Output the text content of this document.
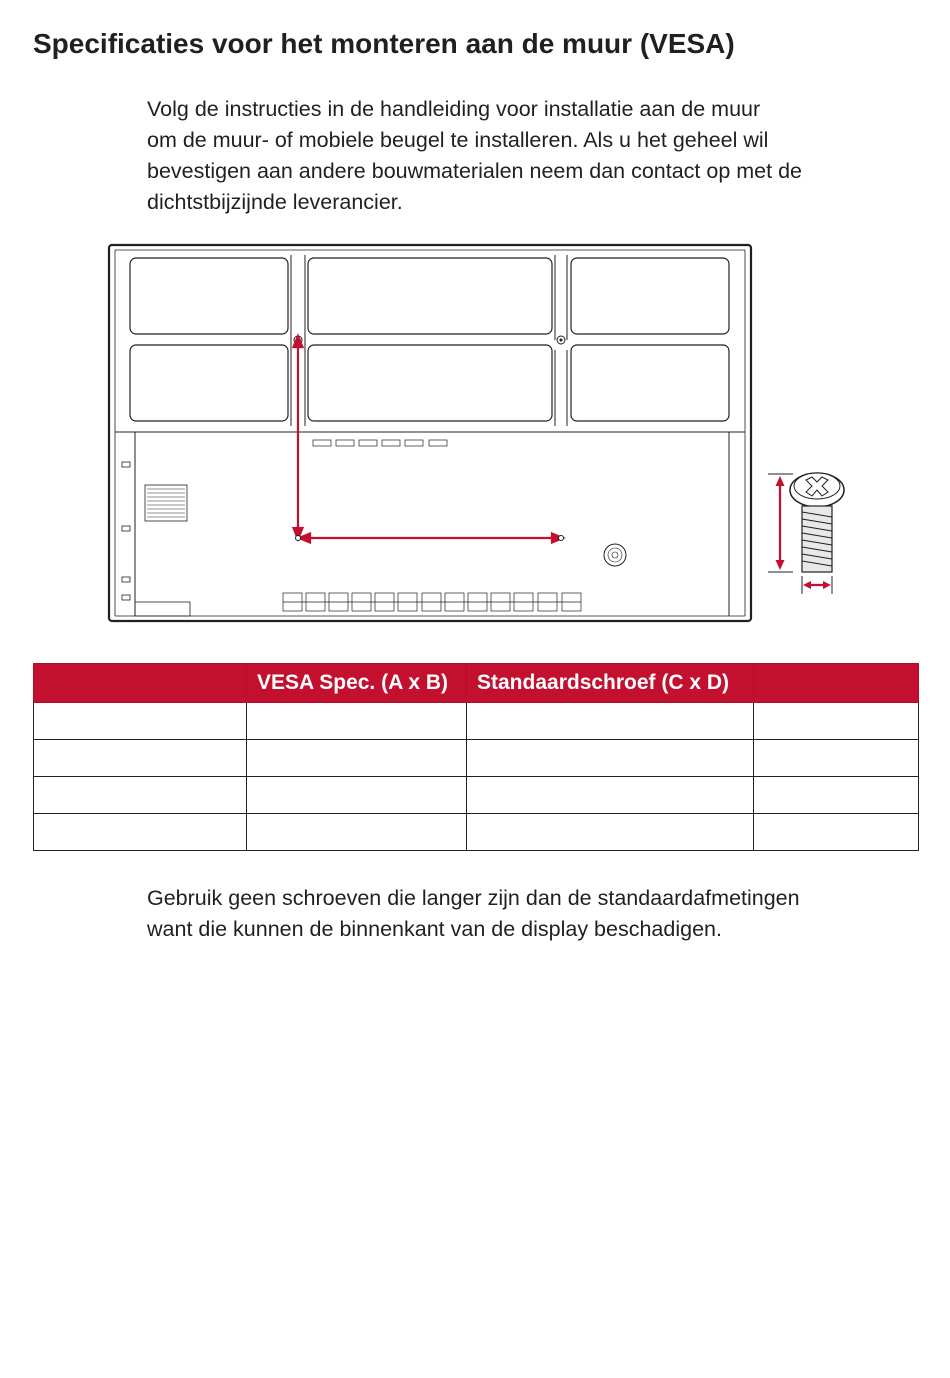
Specificaties voor het monteren aan de muur (VESA)

Volg de instructies in de handleiding voor installatie aan de muur
om de muur- of mobiele beugel te installeren. Als u het geheel wil
bevestigen aan andere bouwmaterialen neem dan contact op met de
dichtstbijzijnde leverancier.

	VESA Spec. (A x B)	Standaardschroef (C x D)	

Gebruik geen schroeven die langer zijn dan de standaardafmetingen
want die kunnen de binnenkant van de display beschadigen.
